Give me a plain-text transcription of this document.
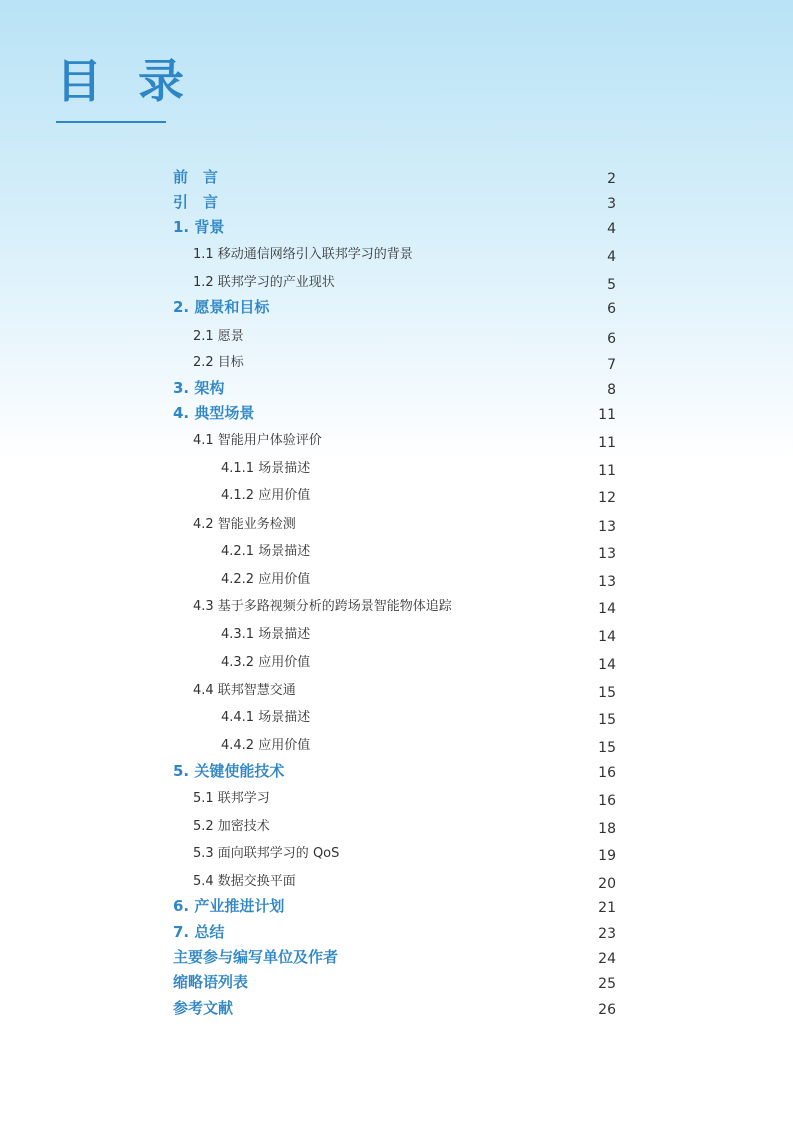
目 录
前　言	2
引　言	3
1. 背景	4
1.1 移动通信网络引入联邦学习的背景	4
1.2 联邦学习的产业现状	5
2. 愿景和目标	6
2.1 愿景	6
2.2 目标	7
3. 架构	8
4. 典型场景	11
4.1 智能用户体验评价	11
4.1.1 场景描述	11
4.1.2 应用价值	12
4.2 智能业务检测	13
4.2.1 场景描述	13
4.2.2 应用价值	13
4.3 基于多路视频分析的跨场景智能物体追踪	14
4.3.1 场景描述	14
4.3.2 应用价值	14
4.4 联邦智慧交通	15
4.4.1 场景描述	15
4.4.2 应用价值	15
5. 关键使能技术	16
5.1 联邦学习	16
5.2 加密技术	18
5.3 面向联邦学习的 QoS	19
5.4 数据交换平面	20
6. 产业推进计划	21
7. 总结	23
主要参与编写单位及作者	24
缩略语列表	25
参考文献	26
